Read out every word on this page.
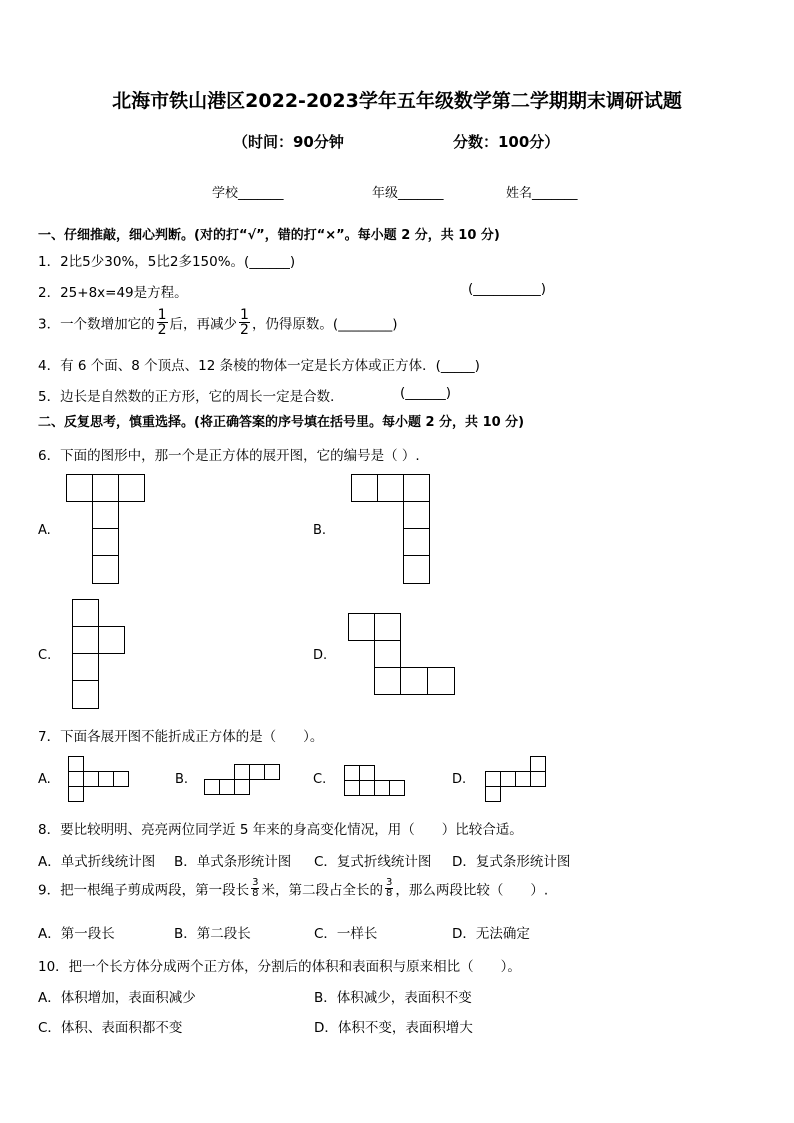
北海市铁山港区2022-2023学年五年级数学第二学期期末调研试题
（时间：90分钟	分数：100分）
学校_______	年级_______	姓名_______
一、仔细推敲，细心判断。(对的打“√”，错的打“×”。每小题 2 分，共 10 分)
1．2比5少30%，5比2多150%。(______)
2．25+8x=49是方程。	(__________)
3．一个数增加它的 $\frac{1}{2}$ 后，再减少 $\frac{1}{2}$ ，仍得原数。(________)
4．有 6 个面、8 个顶点、12 条棱的物体一定是长方体或正方体．(_____)
5．边长是自然数的正方形，它的周长一定是合数．	(______)
二、反复思考，慎重选择。(将正确答案的序号填在括号里。每小题 2 分，共 10 分)
6．下面的图形中，那一个是正方体的展开图，它的编号是（ ）.
A.	B.
C.	D.
7．下面各展开图不能折成正方体的是（　　）。
A.	B.	C.	D.
8．要比较明明、亮亮两位同学近 5 年来的身高变化情况，用（　　）比较合适。
A．单式折线统计图 B．单式条形统计图 C．复式折线统计图 D．复式条形统计图
9．把一根绳子剪成两段，第一段长 $\frac{3}{8}$ 米，第二段占全长的 $\frac{3}{8}$ ，那么两段比较（　　）.
A．第一段长	B．第二段长	C．一样长	D．无法确定
10．把一个长方体分成两个正方体，分割后的体积和表面积与原来相比（　　）。
A．体积增加，表面积减少	B．体积减少，表面积不变
C．体积、表面积都不变	D．体积不变，表面积增大
